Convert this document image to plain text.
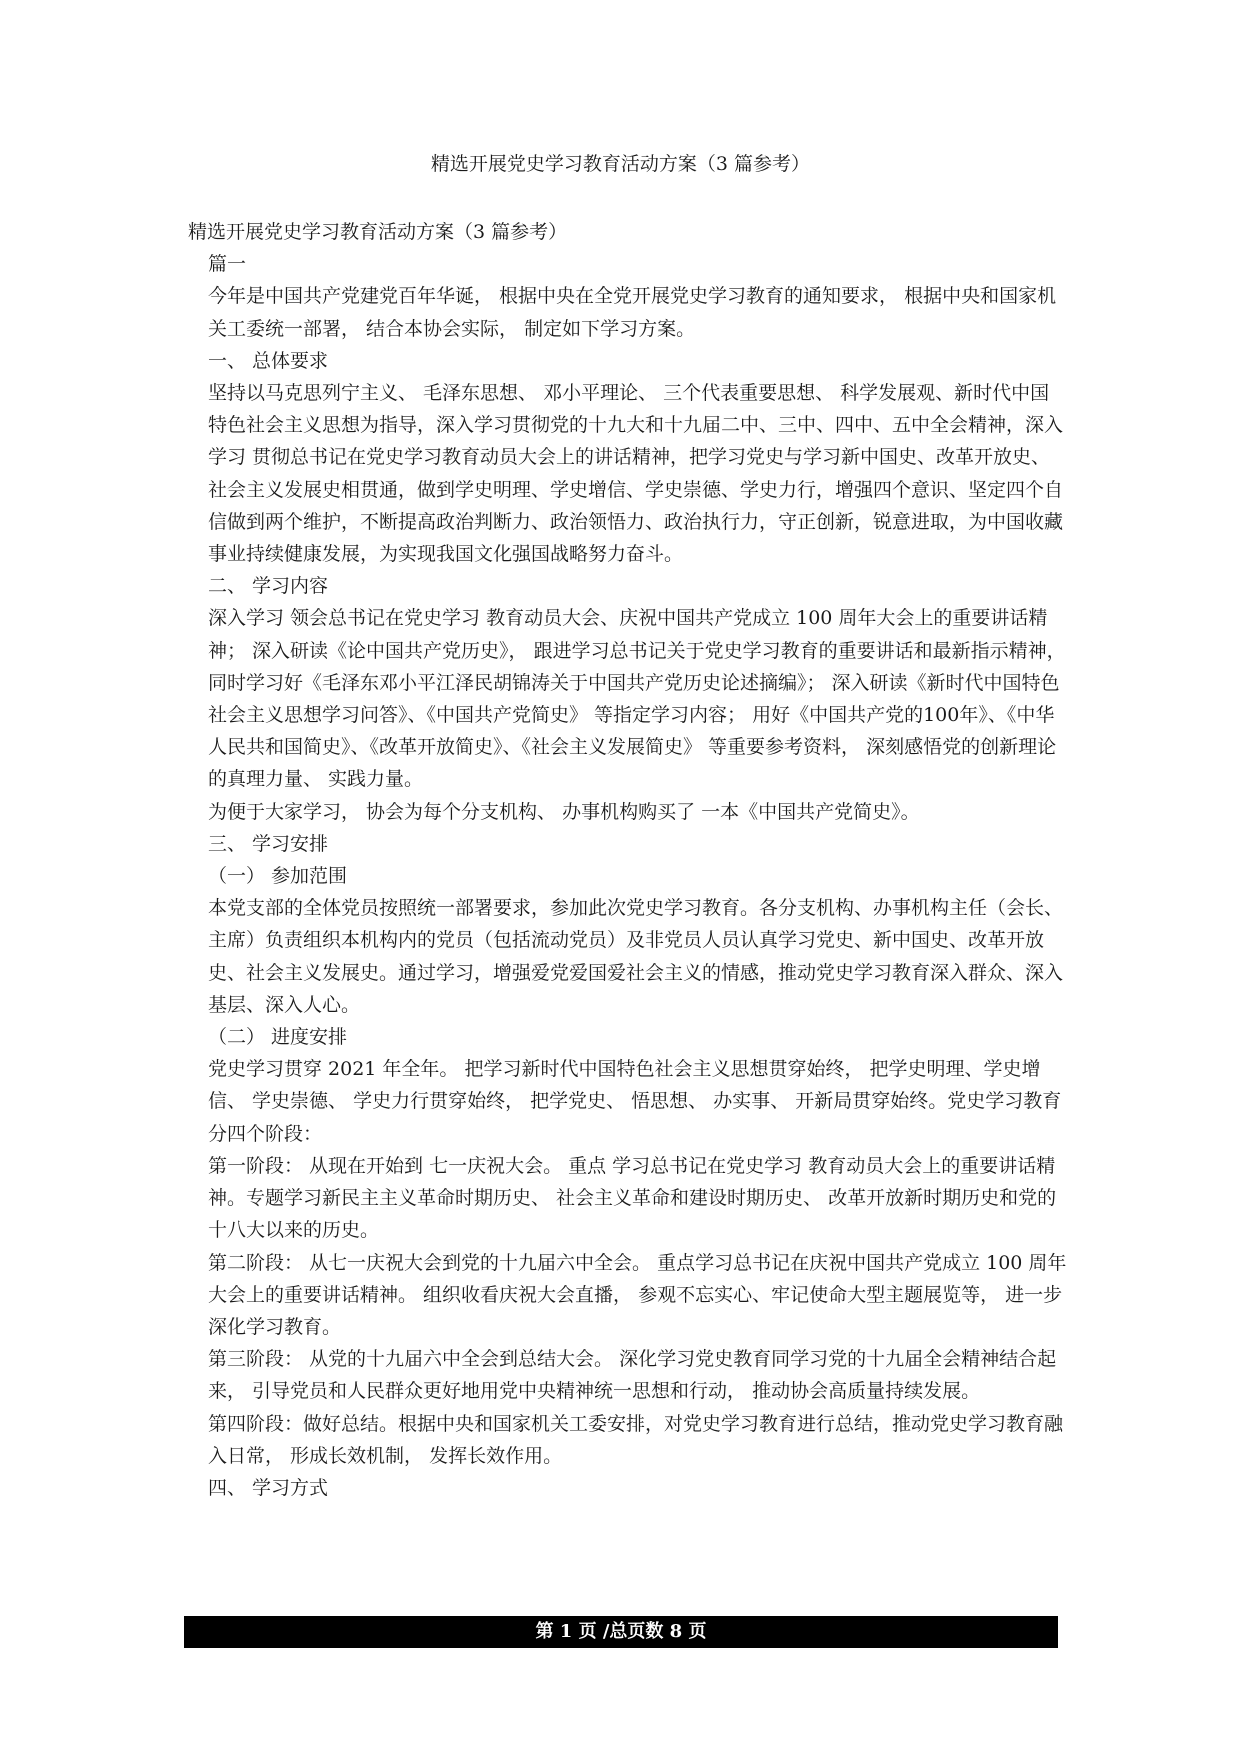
精选开展党史学习教育活动方案（3 篇参考）

精选开展党史学习教育活动方案（3 篇参考）

篇一

今年是中国共产党建党百年华诞， 根据中央在全党开展党史学习教育的通知要求， 根据中央和国家机关工委统一部署， 结合本协会实际， 制定如下学习方案。

一、 总体要求

坚持以马克思列宁主义、 毛泽东思想、 邓小平理论、 三个代表重要思想、 科学发展观、新时代中国特色社会主义思想为指导，深入学习贯彻党的十九大和十九届二中、三中、四中、五中全会精神，深入学习 贯彻总书记在党史学习教育动员大会上的讲话精神，把学习党史与学习新中国史、改革开放史、社会主义发展史相贯通，做到学史明理、学史增信、学史崇德、学史力行，增强四个意识、坚定四个自信做到两个维护，不断提高政治判断力、政治领悟力、政治执行力，守正创新，锐意进取，为中国收藏事业持续健康发展，为实现我国文化强国战略努力奋斗。

二、 学习内容

深入学习 领会总书记在党史学习 教育动员大会、庆祝中国共产党成立 100 周年大会上的重要讲话精神； 深入研读《论中国共产党历史》， 跟进学习总书记关于党史学习教育的重要讲话和最新指示精神， 同时学习好《毛泽东邓小平江泽民胡锦涛关于中国共产党历史论述摘编》； 深入研读《新时代中国特色社会主义思想学习问答》、《中国共产党简史》 等指定学习内容； 用好《中国共产党的100年》、《中华人民共和国简史》、《改革开放简史》、《社会主义发展简史》 等重要参考资料， 深刻感悟党的创新理论的真理力量、 实践力量。

为便于大家学习， 协会为每个分支机构、 办事机构购买了 一本《中国共产党简史》。

三、 学习安排

（一） 参加范围

本党支部的全体党员按照统一部署要求，参加此次党史学习教育。各分支机构、办事机构主任（会长、主席）负责组织本机构内的党员（包括流动党员）及非党员人员认真学习党史、新中国史、改革开放史、社会主义发展史。通过学习，增强爱党爱国爱社会主义的情感，推动党史学习教育深入群众、深入基层、深入人心。

（二） 进度安排

党史学习贯穿 2021 年全年。 把学习新时代中国特色社会主义思想贯穿始终， 把学史明理、学史增信、 学史崇德、 学史力行贯穿始终， 把学党史、 悟思想、 办实事、 开新局贯穿始终。党史学习教育分四个阶段：

第一阶段： 从现在开始到 七一庆祝大会。 重点 学习总书记在党史学习 教育动员大会上的重要讲话精神。专题学习新民主主义革命时期历史、 社会主义革命和建设时期历史、 改革开放新时期历史和党的十八大以来的历史。

第二阶段： 从七一庆祝大会到党的十九届六中全会。 重点学习总书记在庆祝中国共产党成立 100 周年大会上的重要讲话精神。 组织收看庆祝大会直播， 参观不忘实心、牢记使命大型主题展览等， 进一步深化学习教育。

第三阶段： 从党的十九届六中全会到总结大会。 深化学习党史教育同学习党的十九届全会精神结合起来， 引导党员和人民群众更好地用党中央精神统一思想和行动， 推动协会高质量持续发展。

第四阶段：做好总结。根据中央和国家机关工委安排，对党史学习教育进行总结，推动党史学习教育融入日常， 形成长效机制， 发挥长效作用。

四、 学习方式

第 1 页 /总页数 8 页
